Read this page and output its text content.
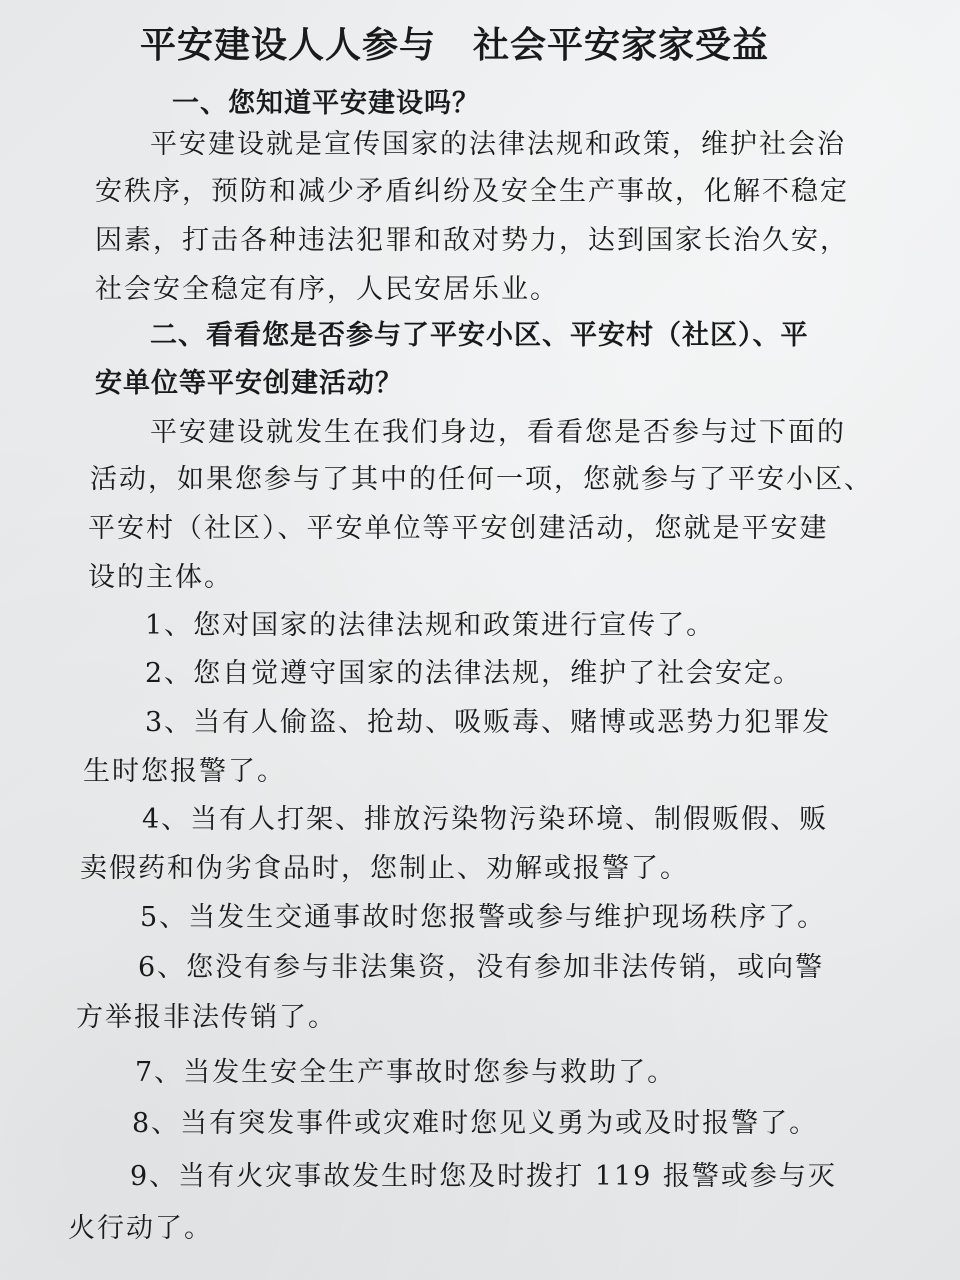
平安建设人人参与　社会平安家家受益
一、您知道平安建设吗？

平安建设就是宣传国家的法律法规和政策，维护社会治

安秩序，预防和减少矛盾纠纷及安全生产事故，化解不稳定

因素，打击各种违法犯罪和敌对势力，达到国家长治久安，

社会安全稳定有序，人民安居乐业。

二、看看您是否参与了平安小区、平安村（社区）、平
安单位等平安创建活动？

平安建设就发生在我们身边，看看您是否参与过下面的

活动，如果您参与了其中的任何一项，您就参与了平安小区、

平安村（社区）、平安单位等平安创建活动，您就是平安建

设的主体。

1、您对国家的法律法规和政策进行宣传了。

2、您自觉遵守国家的法律法规，维护了社会安定。

3、当有人偷盗、抢劫、吸贩毒、赌博或恶势力犯罪发

生时您报警了。

4、当有人打架、排放污染物污染环境、制假贩假、贩

卖假药和伪劣食品时，您制止、劝解或报警了。

5、当发生交通事故时您报警或参与维护现场秩序了。

6、您没有参与非法集资，没有参加非法传销，或向警

方举报非法传销了。

7、当发生安全生产事故时您参与救助了。

8、当有突发事件或灾难时您见义勇为或及时报警了。

9、当有火灾事故发生时您及时拨打 119 报警或参与灭

火行动了。
